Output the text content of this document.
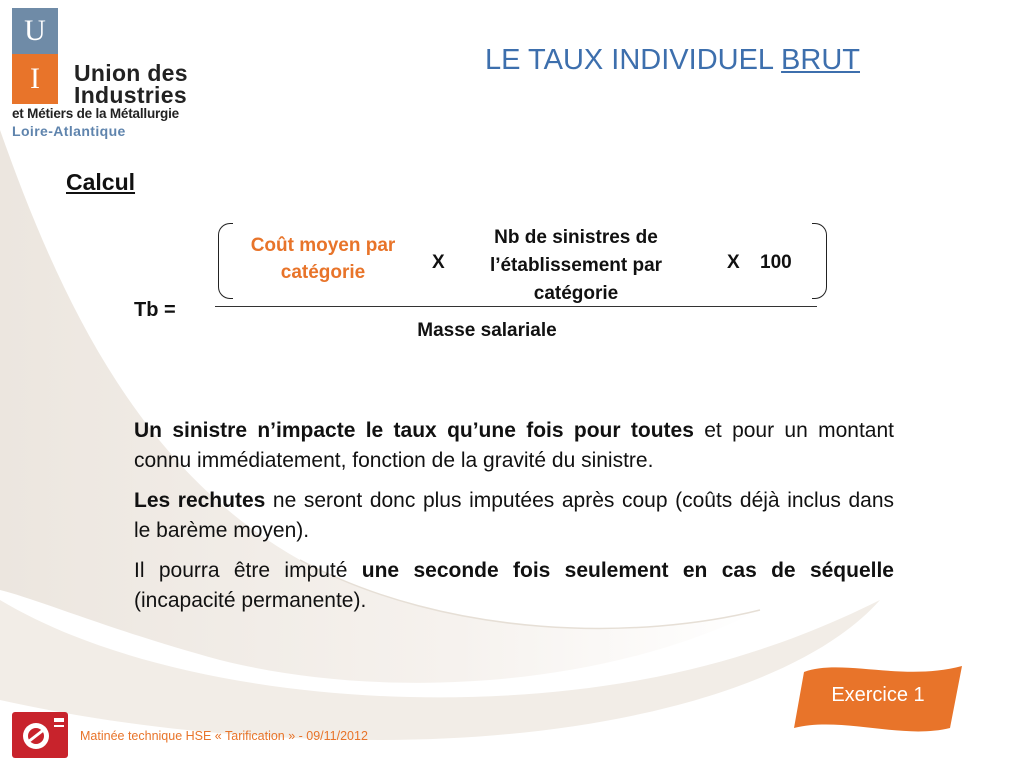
U
I	Union des
Industries
et Métiers de la Métallurgie
Loire-Atlantique
LE TAUX INDIVIDUEL BRUT
Calcul
Coût moyen par catégorie	X
Nb de sinistres de l’établissement par catégorie
X 100
Tb =
Masse salariale

Un sinistre n’impacte le taux qu’une fois pour toutes et pour un montant connu immédiatement, fonction de la gravité du sinistre.

Les rechutes ne seront donc plus imputées après coup (coûts déjà inclus dans le barème moyen).

Il pourra être imputé une seconde fois seulement en cas de séquelle (incapacité permanente).

Exercice 1
Matinée technique HSE « Tarification » - 09/11/2012
